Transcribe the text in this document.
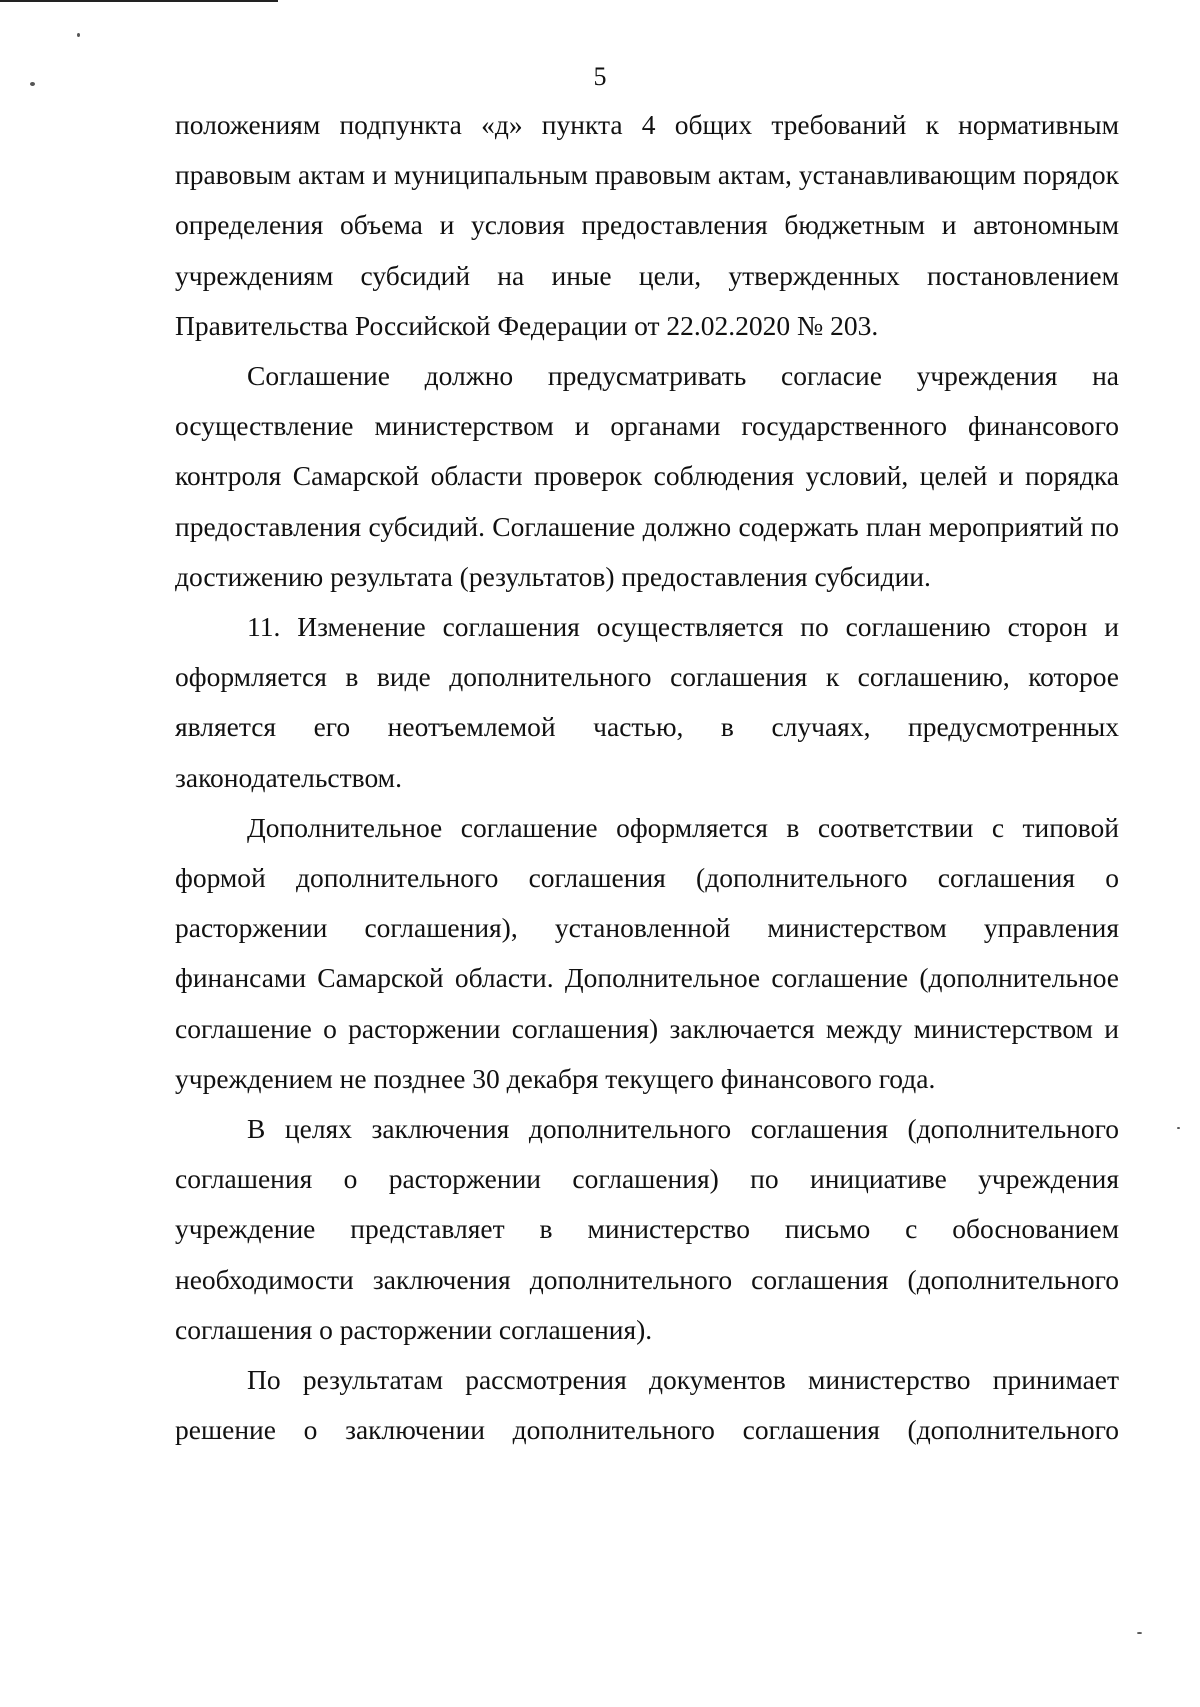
5

положениям подпункта «д» пункта 4 общих требований к нормативным правовым актам и муниципальным правовым актам, устанавливающим порядок определения объема и условия предоставления бюджетным и автономным учреждениям субсидий на иные цели, утвержденных постановлением Правительства Российской Федерации от 22.02.2020 № 203.

Соглашение должно предусматривать согласие учреждения на осуществление министерством и органами государственного финансового контроля Самарской области проверок соблюдения условий, целей и порядка предоставления субсидий. Соглашение должно содержать план мероприятий по достижению результата (результатов) предоставления субсидии.

11. Изменение соглашения осуществляется по соглашению сторон и оформляется в виде дополнительного соглашения к соглашению, которое является его неотъемлемой частью, в случаях, предусмотренных законодательством.

Дополнительное соглашение оформляется в соответствии с типовой формой дополнительного соглашения (дополнительного соглашения о расторжении соглашения), установленной министерством управления финансами Самарской области. Дополнительное соглашение (дополнительное соглашение о расторжении соглашения) заключается между министерством и учреждением не позднее 30 декабря текущего финансового года.

В целях заключения дополнительного соглашения (дополнительного соглашения о расторжении соглашения) по инициативе учреждения учреждение представляет в министерство письмо с обоснованием необходимости заключения дополнительного соглашения (дополнительного соглашения о расторжении соглашения).

По результатам рассмотрения документов министерство принимает решение о заключении дополнительного соглашения (дополнительного
